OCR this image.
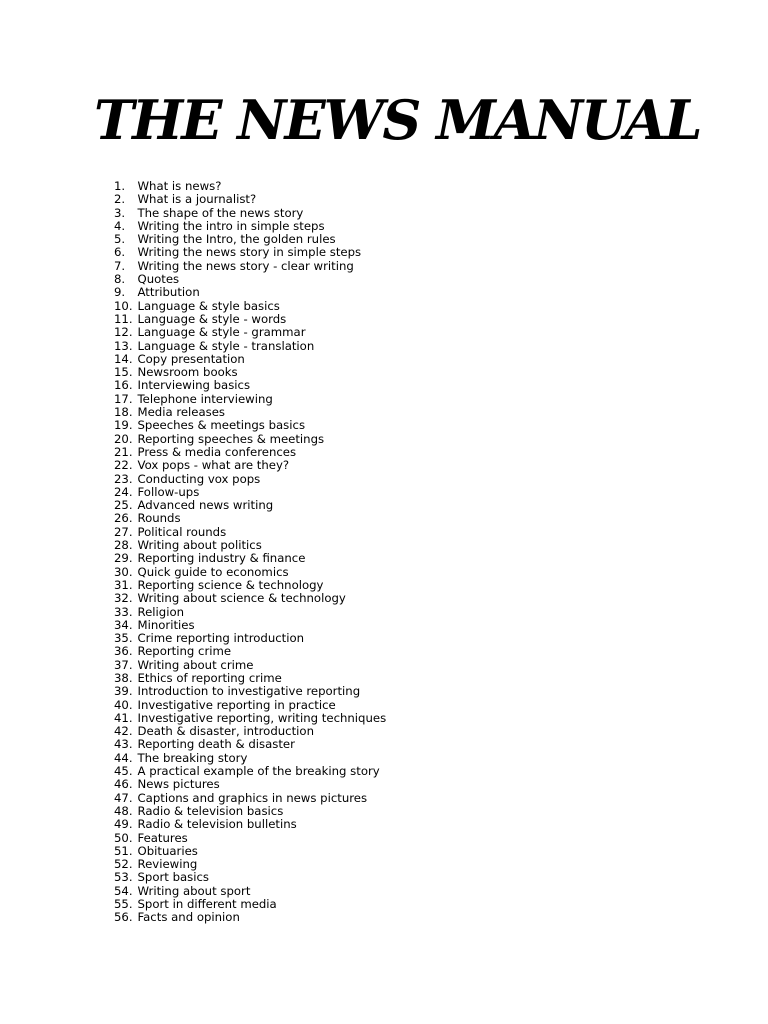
THE NEWS MANUAL
1.	What is news?
2.	What is a journalist?
3.	The shape of the news story
4.	Writing the intro in simple steps
5.	Writing the Intro, the golden rules
6.	Writing the news story in simple steps
7.	Writing the news story - clear writing
8.	Quotes
9.	Attribution
10. Language & style basics
11. Language & style - words
12. Language & style - grammar
13. Language & style - translation
14. Copy presentation
15. Newsroom books
16. Interviewing basics
17. Telephone interviewing
18. Media releases
19. Speeches & meetings basics
20. Reporting speeches & meetings
21. Press & media conferences
22. Vox pops - what are they?
23. Conducting vox pops
24. Follow-ups
25. Advanced news writing
26. Rounds
27. Political rounds
28. Writing about politics
29. Reporting industry & finance
30. Quick guide to economics
31. Reporting science & technology
32. Writing about science & technology
33. Religion
34. Minorities
35. Crime reporting introduction
36. Reporting crime
37. Writing about crime
38. Ethics of reporting crime
39. Introduction to investigative reporting
40. Investigative reporting in practice
41. Investigative reporting, writing techniques
42. Death & disaster, introduction
43. Reporting death & disaster
44. The breaking story
45. A practical example of the breaking story
46. News pictures
47. Captions and graphics in news pictures
48. Radio & television basics
49. Radio & television bulletins
50. Features
51. Obituaries
52. Reviewing
53. Sport basics
54. Writing about sport
55. Sport in different media
56. Facts and opinion
